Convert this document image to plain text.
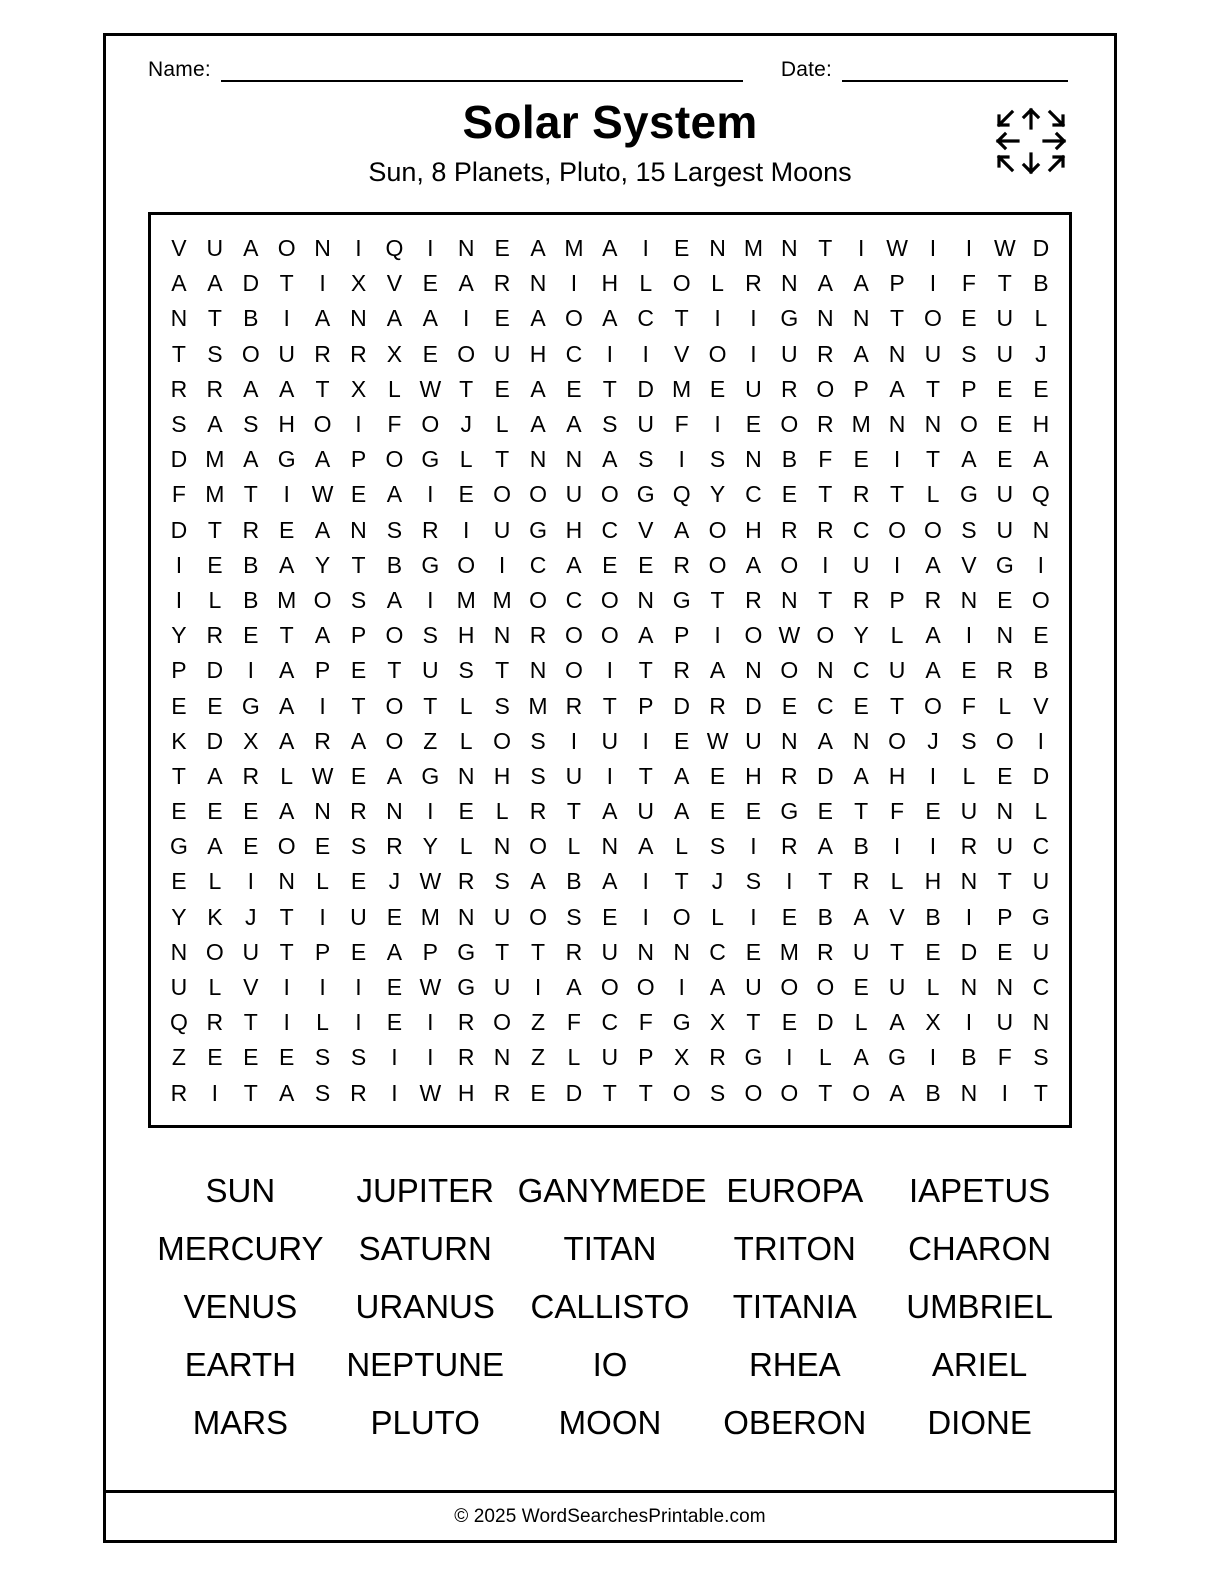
Name:	Date:
Solar System
Sun, 8 Planets, Pluto, 15 Largest Moons
V	U	A	O	N	I	Q	I	N	E	A	M	A	I	E	N	M	N	T	I	W	I	I	W	D
A	A	D	T	I	X	V	E	A	R	N	I	H	L	O	L	R	N	A	A	P	I	F	T	B
N	T	B	I	A	N	A	A	I	E	A	O	A	C	T	I	I	G	N	N	T	O	E	U	L
T	S	O	U	R	R	X	E	O	U	H	C	I	I	V	O	I	U	R	A	N	U	S	U	J
R	R	A	A	T	X	L	W	T	E	A	E	T	D	M	E	U	R	O	P	A	T	P	E	E
S	A	S	H	O	I	F	O	J	L	A	A	S	U	F	I	E	O	R	M	N	N	O	E	H
D	M	A	G	A	P	O	G	L	T	N	N	A	S	I	S	N	B	F	E	I	T	A	E	A
F	M	T	I	W	E	A	I	E	O	O	U	O	G	Q	Y	C	E	T	R	T	L	G	U	Q
D	T	R	E	A	N	S	R	I	U	G	H	C	V	A	O	H	R	R	C	O	O	S	U	N
I	E	B	A	Y	T	B	G	O	I	C	A	E	E	R	O	A	O	I	U	I	A	V	G	I
I	L	B	M	O	S	A	I	M	M	O	C	O	N	G	T	R	N	T	R	P	R	N	E	O
Y	R	E	T	A	P	O	S	H	N	R	O	O	A	P	I	O	W	O	Y	L	A	I	N	E
P	D	I	A	P	E	T	U	S	T	N	O	I	T	R	A	N	O	N	C	U	A	E	R	B
E	E	G	A	I	T	O	T	L	S	M	R	T	P	D	R	D	E	C	E	T	O	F	L	V
K	D	X	A	R	A	O	Z	L	O	S	I	U	I	E	W	U	N	A	N	O	J	S	O	I
T	A	R	L	W	E	A	G	N	H	S	U	I	T	A	E	H	R	D	A	H	I	L	E	D
E	E	E	A	N	R	N	I	E	L	R	T	A	U	A	E	E	G	E	T	F	E	U	N	L
G	A	E	O	E	S	R	Y	L	N	O	L	N	A	L	S	I	R	A	B	I	I	R	U	C
E	L	I	N	L	E	J	W	R	S	A	B	A	I	T	J	S	I	T	R	L	H	N	T	U
Y	K	J	T	I	U	E	M	N	U	O	S	E	I	O	L	I	E	B	A	V	B	I	P	G
N	O	U	T	P	E	A	P	G	T	T	R	U	N	N	C	E	M	R	U	T	E	D	E	U
U	L	V	I	I	I	E	W	G	U	I	A	O	O	I	A	U	O	O	E	U	L	N	N	C
Q	R	T	I	L	I	E	I	R	O	Z	F	C	F	G	X	T	E	D	L	A	X	I	U	N
Z	E	E	E	S	S	I	I	R	N	Z	L	U	P	X	R	G	I	L	A	G	I	B	F	S
R	I	T	A	S	R	I	W	H	R	E	D	T	T	O	S	O	O	T	O	A	B	N	I	T
SUN	JUPITER	GANYMEDE	EUROPA	IAPETUS
MERCURY	SATURN	TITAN	TRITON	CHARON
VENUS	URANUS	CALLISTO	TITANIA	UMBRIEL
EARTH	NEPTUNE	IO	RHEA	ARIEL
MARS	PLUTO	MOON	OBERON	DIONE
© 2025 WordSearchesPrintable.com
